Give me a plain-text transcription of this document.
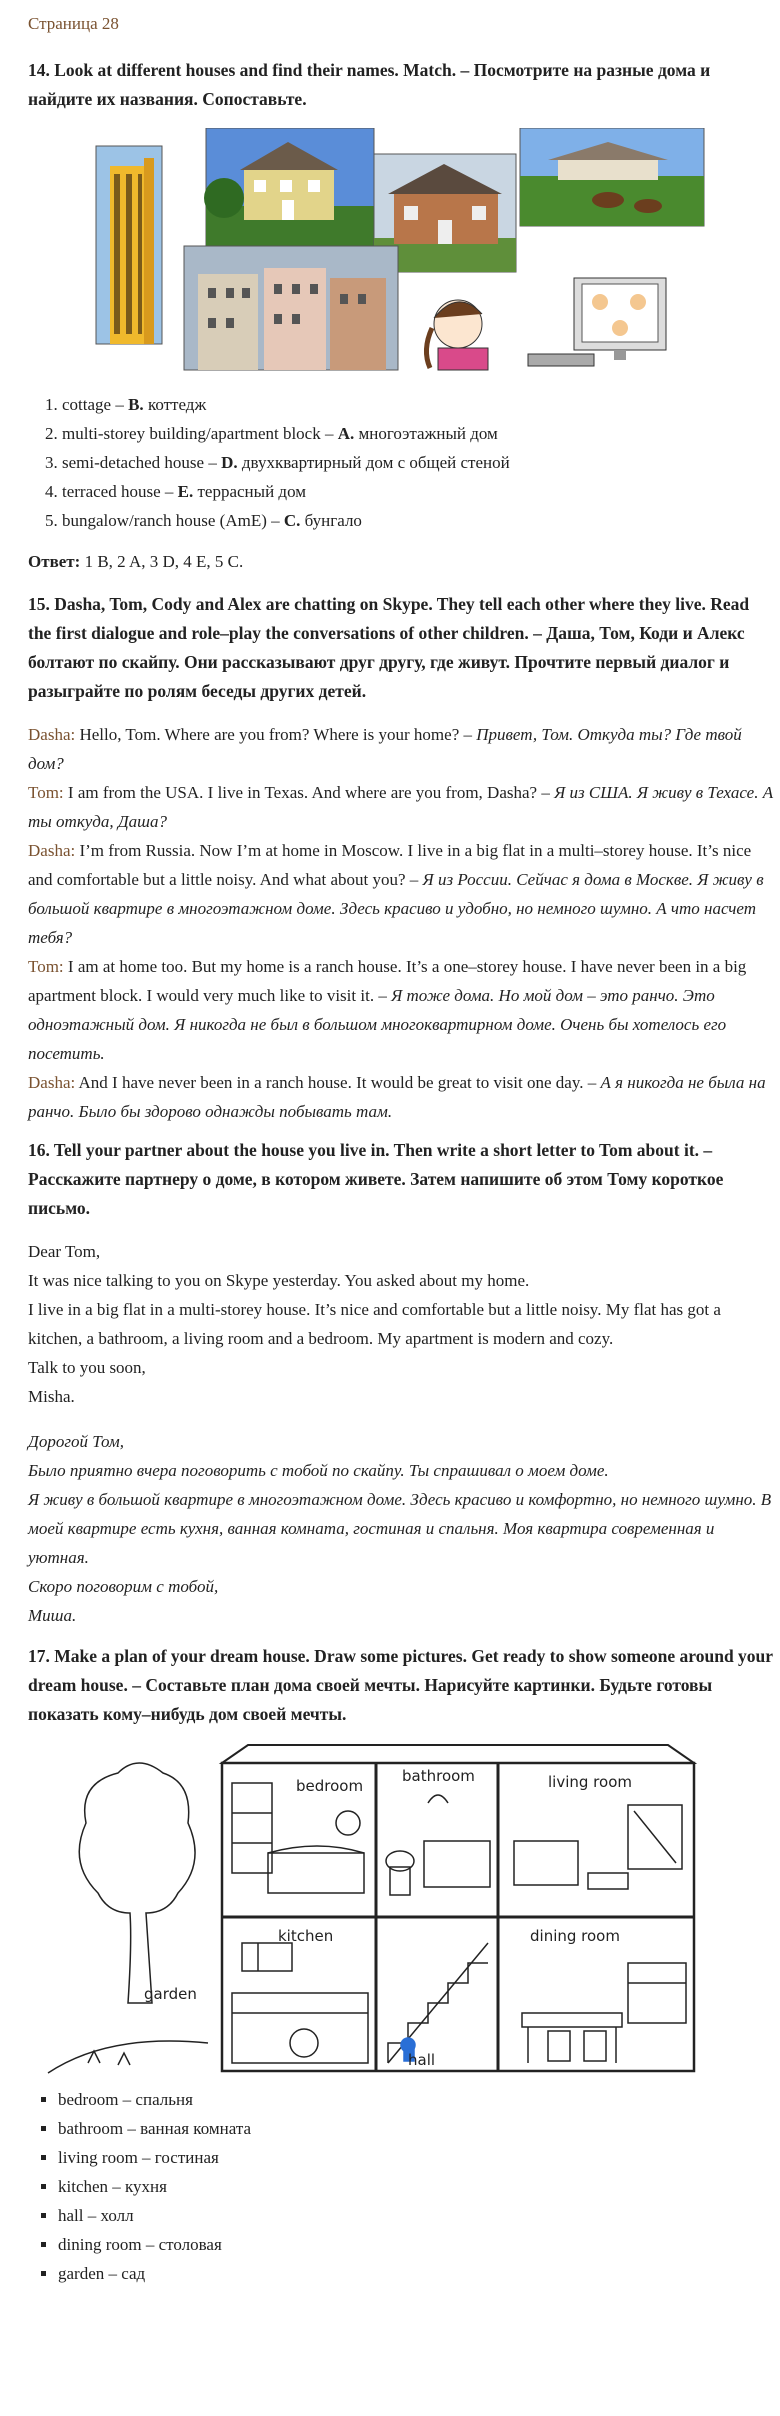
Страница 28
14. Look at different houses and find their names. Match. – Посмотрите на разные дома и найдите их названия. Сопоставьте.
1. cottage – B. коттедж
2. multi-storey building/apartment block – A. многоэтажный дом
3. semi-detached house – D. двухквартирный дом с общей стеной
4. terraced house – E. террасный дом
5. bungalow/ranch house (AmE) – C. бунгало

Ответ: 1 B, 2 A, 3 D, 4 E, 5 C.

15. Dasha, Tom, Cody and Alex are chatting on Skype. They tell each other where they live. Read the first dialogue and role–play the conversations of other children. – Даша, Том, Коди и Алекс болтают по скайпу. Они рассказывают друг другу, где живут. Прочтите первый диалог и разыграйте по ролям беседы других детей.

Dasha: Hello, Tom. Where are you from? Where is your home? – Привет, Том. Откуда ты? Где твой дом?

Tom: I am from the USA. I live in Texas. And where are you from, Dasha? – Я из США. Я живу в Техасе. А ты откуда, Даша?

Dasha: I’m from Russia. Now I’m at home in Moscow. I live in a big flat in a multi–storey house. It’s nice and comfortable but a little noisy. And what about you? – Я из России. Сейчас я дома в Москве. Я живу в большой квартире в многоэтажном доме. Здесь красиво и удобно, но немного шумно. А что насчет тебя?

Tom: I am at home too. But my home is a ranch house. It’s a one–storey house. I have never been in a big apartment block. I would very much like to visit it. – Я тоже дома. Но мой дом – это ранчо. Это одноэтажный дом. Я никогда не был в большом многоквартирном доме. Очень бы хотелось его посетить.

Dasha: And I have never been in a ranch house. It would be great to visit one day. – А я никогда не была на ранчо. Было бы здорово однажды побывать там.

16. Tell your partner about the house you live in. Then write a short letter to Tom about it. – Расскажите партнеру о доме, в котором живете. Затем напишите об этом Тому короткое письмо.

Dear Tom,

It was nice talking to you on Skype yesterday. You asked about my home.

I live in a big flat in a multi-storey house. It’s nice and comfortable but a little noisy. My flat has got a kitchen, a bathroom, a living room and a bedroom. My apartment is modern and cozy.

Talk to you soon,

Misha.

Дорогой Том,

Было приятно вчера поговорить с тобой по скайпу. Ты спрашивал о моем доме.

Я живу в большой квартире в многоэтажном доме. Здесь красиво и комфортно, но немного шумно. В моей квартире есть кухня, ванная комната, гостиная и спальня. Моя квартира современная и уютная.

Скоро поговорим с тобой,

Миша.

17. Make a plan of your dream house. Draw some pictures. Get ready to show someone around your dream house. – Составьте план дома своей мечты. Нарисуйте картинки. Будьте готовы показать кому–нибудь дом своей мечты.
bedroom
bathroom	living room
kitchen
hall
dining room
garden
▪ bedroom – спальня
▪ bathroom – ванная комната
▪ living room – гостиная
▪ kitchen – кухня
▪ hall – холл
▪ dining room – столовая
▪ garden – сад
